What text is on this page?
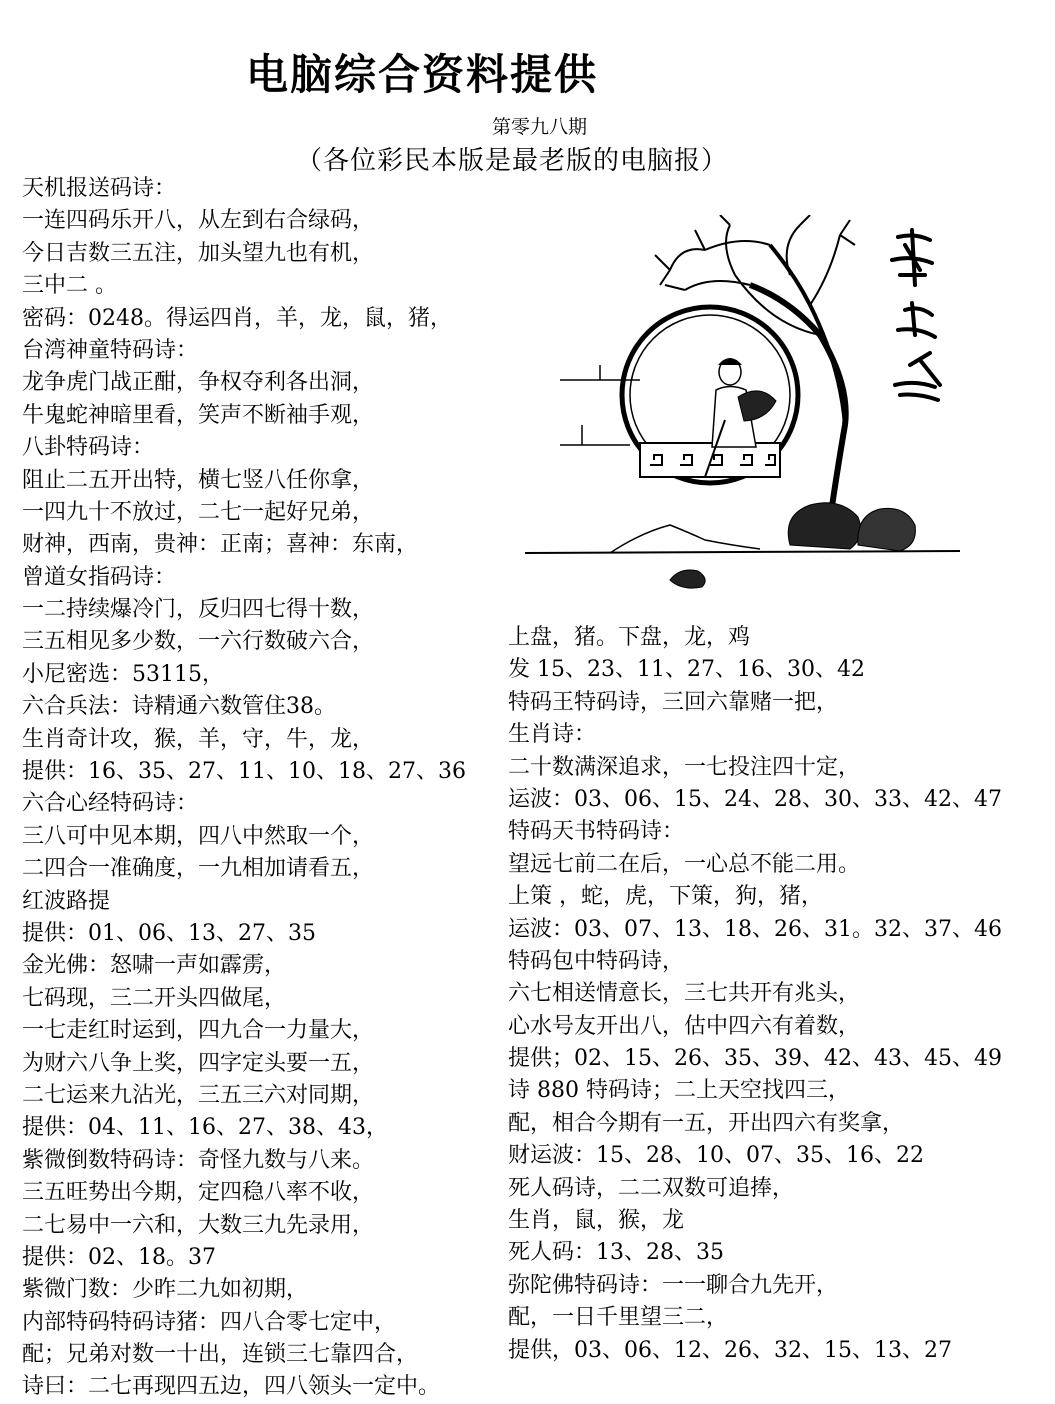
电脑综合资料提供
第零九八期
（各位彩民本版是最老版的电脑报）
天机报送码诗：
一连四码乐开八，从左到右合绿码，
今日吉数三五注，加头望九也有机，
三中二 。
密码：0248。得运四肖，羊，龙，鼠，猪，
台湾神童特码诗：
龙争虎门战正酣，争权夺利各出洞，
牛鬼蛇神暗里看，笑声不断袖手观，
八卦特码诗：
阻止二五开出特，横七竖八任你拿，
一四九十不放过，二七一起好兄弟，
财神，西南，贵神：正南；喜神：东南，
曾道女指码诗：
一二持续爆冷门，反归四七得十数，
三五相见多少数，一六行数破六合，
小尼密选：53115，
六合兵法：诗精通六数管住38。
生肖奇计攻，猴，羊，守，牛，龙，
提供：16、35、27、11、10、18、27、36
六合心经特码诗：
三八可中见本期，四八中然取一个，
二四合一准确度，一九相加请看五，
红波路提
提供：01、06、13、27、35
金光佛：怒啸一声如霹雳，
七码现，三二开头四做尾，
一七走红时运到，四九合一力量大，
为财六八争上奖，四字定头要一五，
二七运来九沾光，三五三六对同期，
提供：04、11、16、27、38、43，
紫微倒数特码诗：奇怪九数与八来。
三五旺势出今期，定四稳八率不收，
二七易中一六和，大数三九先录用，
提供：02、18。37
紫微门数：少昨二九如初期，
内部特码特码诗猪：四八合零七定中，
配；兄弟对数一十出，连锁三七靠四合，
诗曰：二七再现四五边，四八领头一定中。
上盘，猪。下盘，龙，鸡
发 15、23、11、27、16、30、42
特码王特码诗，三回六靠赌一把，
生肖诗：
二十数满深追求，一七投注四十定，
运波：03、06、15、24、28、30、33、42、47
特码天书特码诗：
望远七前二在后，一心总不能二用。
上策 ，蛇，虎，下策，狗，猪，
运波：03、07、13、18、26、31。32、37、46
特码包中特码诗，
六七相送情意长，三七共开有兆头，
心水号友开出八，估中四六有着数，
提供；02、15、26、35、39、42、43、45、49
诗 880 特码诗；二上天空找四三，
配，相合今期有一五，开出四六有奖拿，
财运波：15、28、10、07、35、16、22
死人码诗，二二双数可追捧，
生肖，鼠，猴，龙
死人码：13、28、35
弥陀佛特码诗：一一聊合九先开，
配，一日千里望三二，
提供，03、06、12、26、32、15、13、27
